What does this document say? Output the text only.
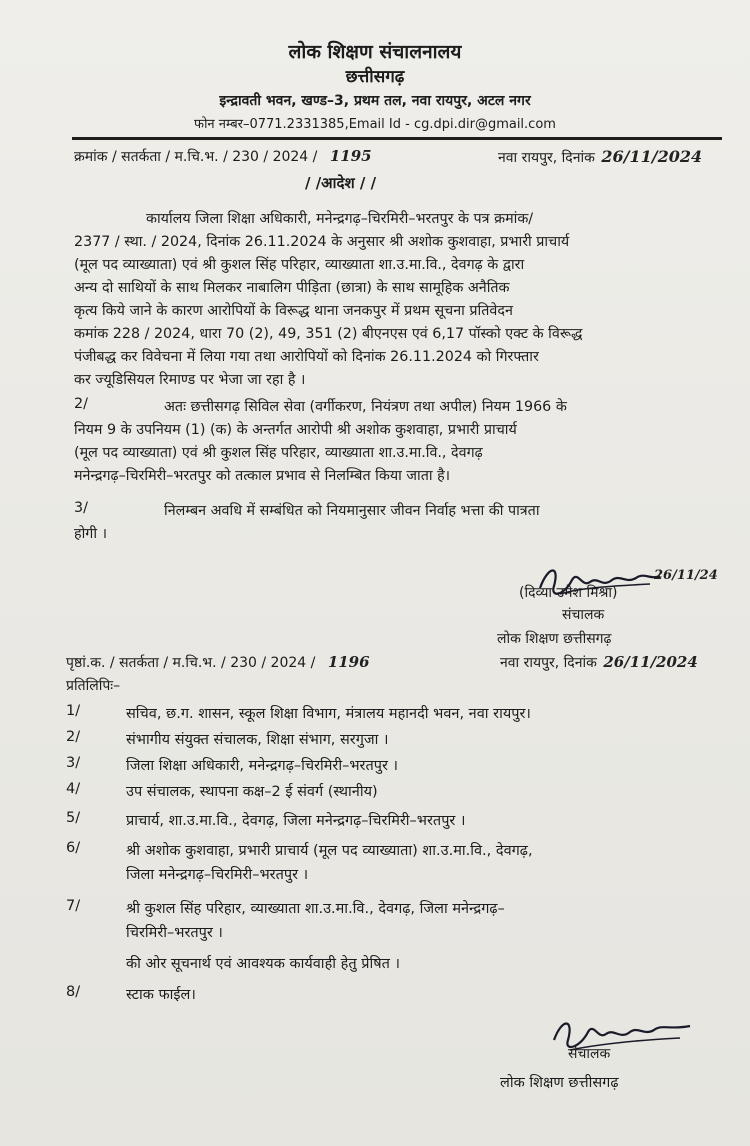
लोक शिक्षण संचालनालय
छत्तीसगढ़
इन्द्रावती भवन, खण्ड–3, प्रथम तल, नवा रायपुर, अटल नगर
फोन नम्बर–0771.2331385,Email Id - cg.dpi.dir@gmail.com
क्रमांक / सतर्कता / म.चि.भ. / 230 / 2024 / 1195	नवा रायपुर, दिनांक 26/11/2024
/ /आदेश / /
कार्यालय जिला शिक्षा अधिकारी, मनेन्द्रगढ़–चिरमिरी–भरतपुर के पत्र क्रमांक/
2377 / स्था. / 2024, दिनांक 26.11.2024 के अनुसार श्री अशोक कुशवाहा, प्रभारी प्राचार्य
(मूल पद व्याख्याता) एवं श्री कुशल सिंह परिहार, व्याख्याता शा.उ.मा.वि., देवगढ़ के द्वारा
अन्य दो साथियों के साथ मिलकर नाबालिग पीड़िता (छात्रा) के साथ सामूहिक अनैतिक
कृत्य किये जाने के कारण आरोपियों के विरूद्ध थाना जनकपुर में प्रथम सूचना प्रतिवेदन
कमांक 228 / 2024, धारा 70 (2), 49, 351 (2) बीएनएस एवं 6,17 पॉस्को एक्ट के विरूद्ध
पंजीबद्ध कर विवेचना में लिया गया तथा आरोपियों को दिनांक 26.11.2024 को गिरफ्तार
कर ज्यूडिसियल रिमाण्ड पर भेजा जा रहा है ।
2/	अतः छत्तीसगढ़ सिविल सेवा (वर्गीकरण, नियंत्रण तथा अपील) नियम 1966 के
नियम 9 के उपनियम (1) (क) के अन्तर्गत आरोपी श्री अशोक कुशवाहा, प्रभारी प्राचार्य
(मूल पद व्याख्याता) एवं श्री कुशल सिंह परिहार, व्याख्याता शा.उ.मा.वि., देवगढ़
मनेन्द्रगढ़–चिरमिरी–भरतपुर को तत्काल प्रभाव से निलम्बित किया जाता है।
3/	निलम्बन अवधि में सम्बंधित को नियमानुसार जीवन निर्वाह भत्ता की पात्रता
होगी ।
(दिव्या उमेश मिश्रा)
26/11/24
संचालक
लोक शिक्षण छत्तीसगढ़
पृष्ठां.क. / सतर्कता / म.चि.भ. / 230 / 2024 / 1196	नवा रायपुर, दिनांक 26/11/2024
प्रतिलिपिः–
1/	सचिव, छ.ग. शासन, स्कूल शिक्षा विभाग, मंत्रालय महानदी भवन, नवा रायपुर।
2/	संभागीय संयुक्त संचालक, शिक्षा संभाग, सरगुजा ।
3/	जिला शिक्षा अधिकारी, मनेन्द्रगढ़–चिरमिरी–भरतपुर ।
4/	उप संचालक, स्थापना कक्ष–2 ई संवर्ग (स्थानीय)
5/	प्राचार्य, शा.उ.मा.वि., देवगढ़, जिला मनेन्द्रगढ़–चिरमिरी–भरतपुर ।
6/	श्री अशोक कुशवाहा, प्रभारी प्राचार्य (मूल पद व्याख्याता) शा.उ.मा.वि., देवगढ़,
जिला मनेन्द्रगढ़–चिरमिरी–भरतपुर ।
7/	श्री कुशल सिंह परिहार, व्याख्याता शा.उ.मा.वि., देवगढ़, जिला मनेन्द्रगढ़–
चिरमिरी–भरतपुर ।
की ओर सूचनार्थ एवं आवश्यक कार्यवाही हेतु प्रेषित ।
8/	स्टाक फाईल।
संचालक
लोक शिक्षण छत्तीसगढ़
